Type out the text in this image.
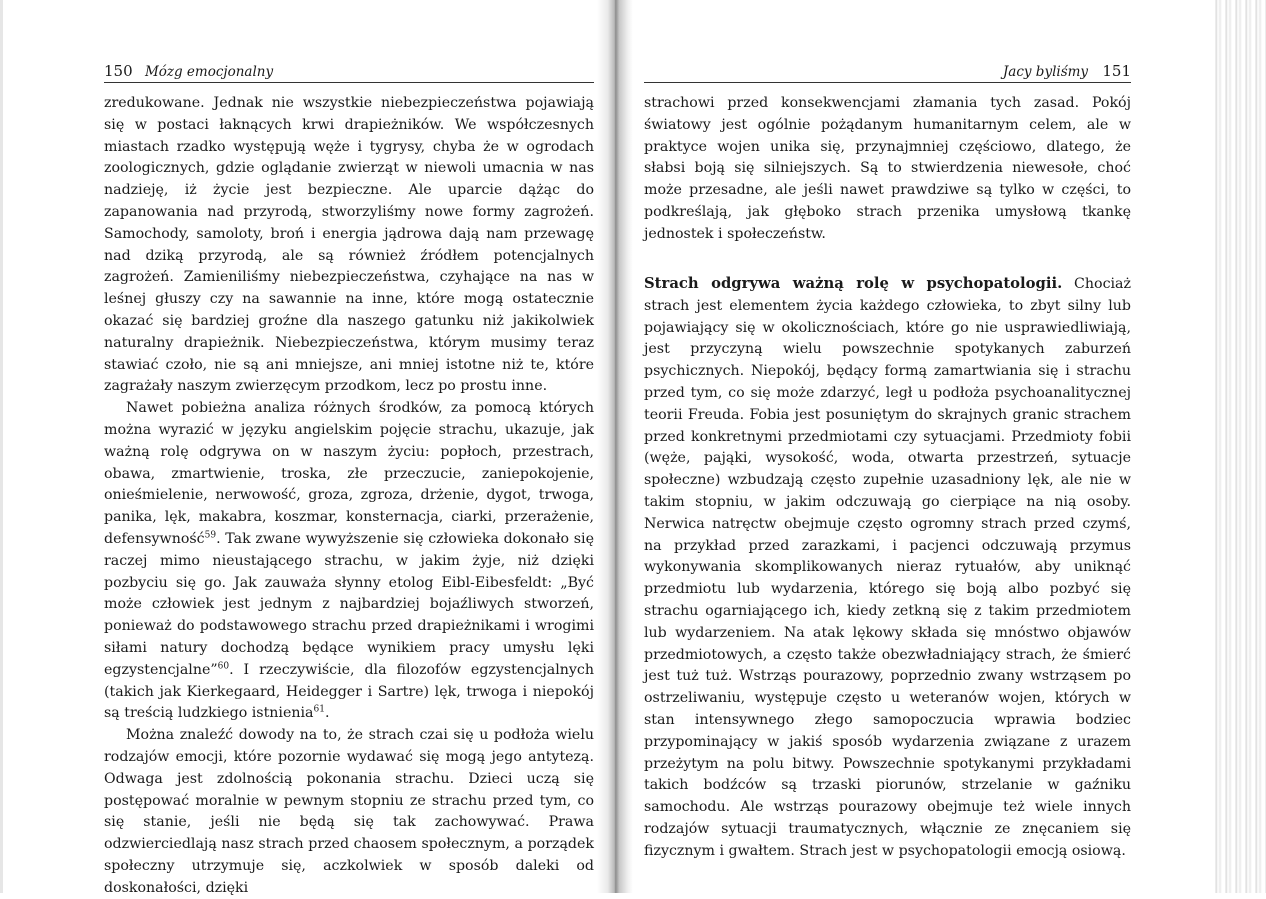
150 Mózg emocjonalny	Jacy byliśmy 151

zredukowane. Jednak nie wszystkie niebezpieczeństwa pojawiają się w postaci łaknących krwi drapieżników. We współczesnych miastach rzadko występują węże i tygrysy, chyba że w ogrodach zoologicznych, gdzie oglądanie zwierząt w niewoli umacnia w nas nadzieję, iż życie jest bezpieczne. Ale uparcie dążąc do zapanowania nad przyrodą, stworzyliśmy nowe formy zagrożeń. Samochody, samoloty, broń i energia jądrowa dają nam przewagę nad dziką przyrodą, ale są również źródłem potencjalnych zagrożeń. Zamieniliśmy niebezpieczeństwa, czyhające na nas w leśnej głuszy czy na sawannie na inne, które mogą ostatecznie okazać się bardziej groźne dla naszego gatunku niż jakikolwiek naturalny drapieżnik. Niebezpieczeństwa, którym musimy teraz stawiać czoło, nie są ani mniejsze, ani mniej istotne niż te, które zagrażały naszym zwierzęcym przodkom, lecz po prostu inne.

Nawet pobieżna analiza różnych środków, za pomocą których można wyrazić w języku angielskim pojęcie strachu, ukazuje, jak ważną rolę odgrywa on w naszym życiu: popłoch, przestrach, obawa, zmartwienie, troska, złe przeczucie, zaniepokojenie, onieśmielenie, nerwowość, groza, zgroza, drżenie, dygot, trwoga, panika, lęk, makabra, koszmar, konsternacja, ciarki, przerażenie, defensywność$^{59}$. Tak zwane wywyższenie się człowieka dokonało się raczej mimo nieustającego strachu, w jakim żyje, niż dzięki pozbyciu się go. Jak zauważa słynny etolog Eibl-Eibesfeldt: „Być może człowiek jest jednym z najbardziej bojaźliwych stworzeń, ponieważ do podstawowego strachu przed drapieżnikami i wrogimi siłami natury dochodzą będące wynikiem pracy umysłu lęki egzystencjalne”$^{60}$. I rzeczywiście, dla filozofów egzystencjalnych (takich jak Kierkegaard, Heidegger i Sartre) lęk, trwoga i niepokój są treścią ludzkiego istnienia$^{61}$.

Można znaleźć dowody na to, że strach czai się u podłoża wielu rodzajów emocji, które pozornie wydawać się mogą jego antytezą. Odwaga jest zdolnością pokonania strachu. Dzieci uczą się postępować moralnie w pewnym stopniu ze strachu przed tym, co się stanie, jeśli nie będą się tak zachowywać. Prawa odzwierciedlają nasz strach przed chaosem społecznym, a porządek społeczny utrzymuje się, aczkolwiek w sposób daleki od doskonałości, dzięki

strachowi przed konsekwencjami złamania tych zasad. Pokój światowy jest ogólnie pożądanym humanitarnym celem, ale w praktyce wojen unika się, przynajmniej częściowo, dlatego, że słabsi boją się silniejszych. Są to stwierdzenia niewesołe, choć może przesadne, ale jeśli nawet prawdziwe są tylko w części, to podkreślają, jak głęboko strach przenika umysłową tkankę jednostek i społeczeństw.

Strach odgrywa ważną rolę w psychopatologii. Chociaż strach jest elementem życia każdego człowieka, to zbyt silny lub pojawiający się w okolicznościach, które go nie usprawiedliwiają, jest przyczyną wielu powszechnie spotykanych zaburzeń psychicznych. Niepokój, będący formą zamartwiania się i strachu przed tym, co się może zdarzyć, legł u podłoża psychoanalitycznej teorii Freuda. Fobia jest posuniętym do skrajnych granic strachem przed konkretnymi przedmiotami czy sytuacjami. Przedmioty fobii (węże, pająki, wysokość, woda, otwarta przestrzeń, sytuacje społeczne) wzbudzają często zupełnie uzasadniony lęk, ale nie w takim stopniu, w jakim odczuwają go cierpiące na nią osoby. Nerwica natręctw obejmuje często ogromny strach przed czymś, na przykład przed zarazkami, i pacjenci odczuwają przymus wykonywania skomplikowanych nieraz rytuałów, aby uniknąć przedmiotu lub wydarzenia, którego się boją albo pozbyć się strachu ogarniającego ich, kiedy zetkną się z takim przedmiotem lub wydarzeniem. Na atak lękowy składa się mnóstwo objawów przedmiotowych, a często także obezwładniający strach, że śmierć jest tuż tuż. Wstrząs pourazowy, poprzednio zwany wstrząsem po ostrzeliwaniu, występuje często u weteranów wojen, których w stan intensywnego złego samopoczucia wprawia bodziec przypominający w jakiś sposób wydarzenia związane z urazem przeżytym na polu bitwy. Powszechnie spotykanymi przykładami takich bodźców są trzaski piorunów, strzelanie w gaźniku samochodu. Ale wstrząs pourazowy obejmuje też wiele innych rodzajów sytuacji traumatycznych, włącznie ze znęcaniem się fizycznym i gwałtem. Strach jest w psychopatologii emocją osiową.
